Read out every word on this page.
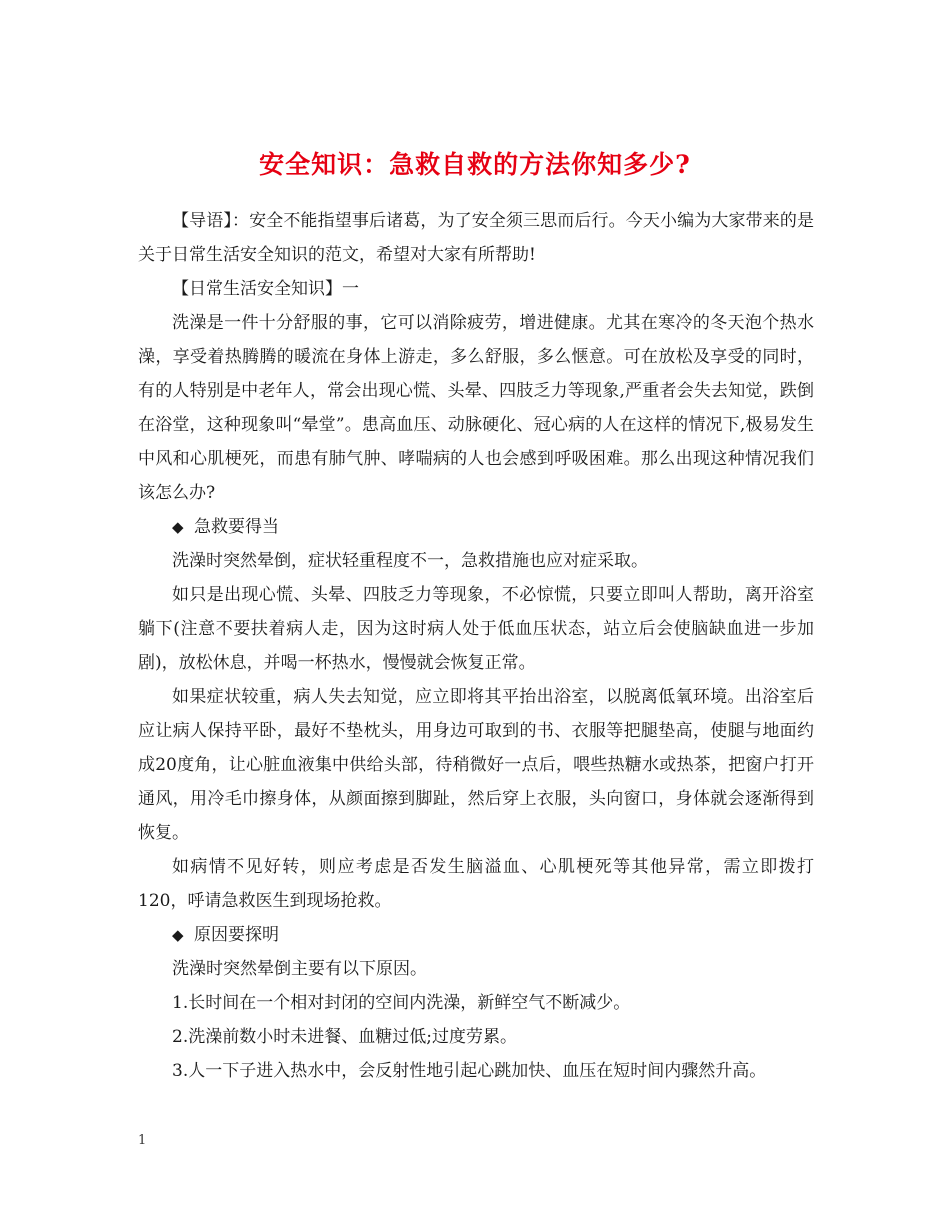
安全知识：急救自救的方法你知多少?

【导语】：安全不能指望事后诸葛，为了安全须三思而后行。今天小编为大家带来的是关于日常生活安全知识的范文，希望对大家有所帮助!

【日常生活安全知识】一

洗澡是一件十分舒服的事，它可以消除疲劳，增进健康。尤其在寒冷的冬天泡个热水澡，享受着热腾腾的暖流在身体上游走，多么舒服，多么惬意。可在放松及享受的同时，有的人特别是中老年人，常会出现心慌、头晕、四肢乏力等现象,严重者会失去知觉，跌倒在浴堂，这种现象叫“晕堂”。患高血压、动脉硬化、冠心病的人在这样的情况下,极易发生中风和心肌梗死，而患有肺气肿、哮喘病的人也会感到呼吸困难。那么出现这种情况我们该怎么办?

◆ 急救要得当

洗澡时突然晕倒，症状轻重程度不一，急救措施也应对症采取。

如只是出现心慌、头晕、四肢乏力等现象，不必惊慌，只要立即叫人帮助，离开浴室躺下(注意不要扶着病人走，因为这时病人处于低血压状态，站立后会使脑缺血进一步加剧)，放松休息，并喝一杯热水，慢慢就会恢复正常。

如果症状较重，病人失去知觉，应立即将其平抬出浴室，以脱离低氧环境。出浴室后应让病人保持平卧，最好不垫枕头，用身边可取到的书、衣服等把腿垫高，使腿与地面约成20度角，让心脏血液集中供给头部，待稍微好一点后，喂些热糖水或热茶，把窗户打开通风，用冷毛巾擦身体，从颜面擦到脚趾，然后穿上衣服，头向窗口，身体就会逐渐得到恢复。

如病情不见好转，则应考虑是否发生脑溢血、心肌梗死等其他异常，需立即拨打120，呼请急救医生到现场抢救。

◆ 原因要探明

洗澡时突然晕倒主要有以下原因。

1.长时间在一个相对封闭的空间内洗澡，新鲜空气不断减少。

2.洗澡前数小时未进餐、血糖过低;过度劳累。

3.人一下子进入热水中，会反射性地引起心跳加快、血压在短时间内骤然升高。

1
